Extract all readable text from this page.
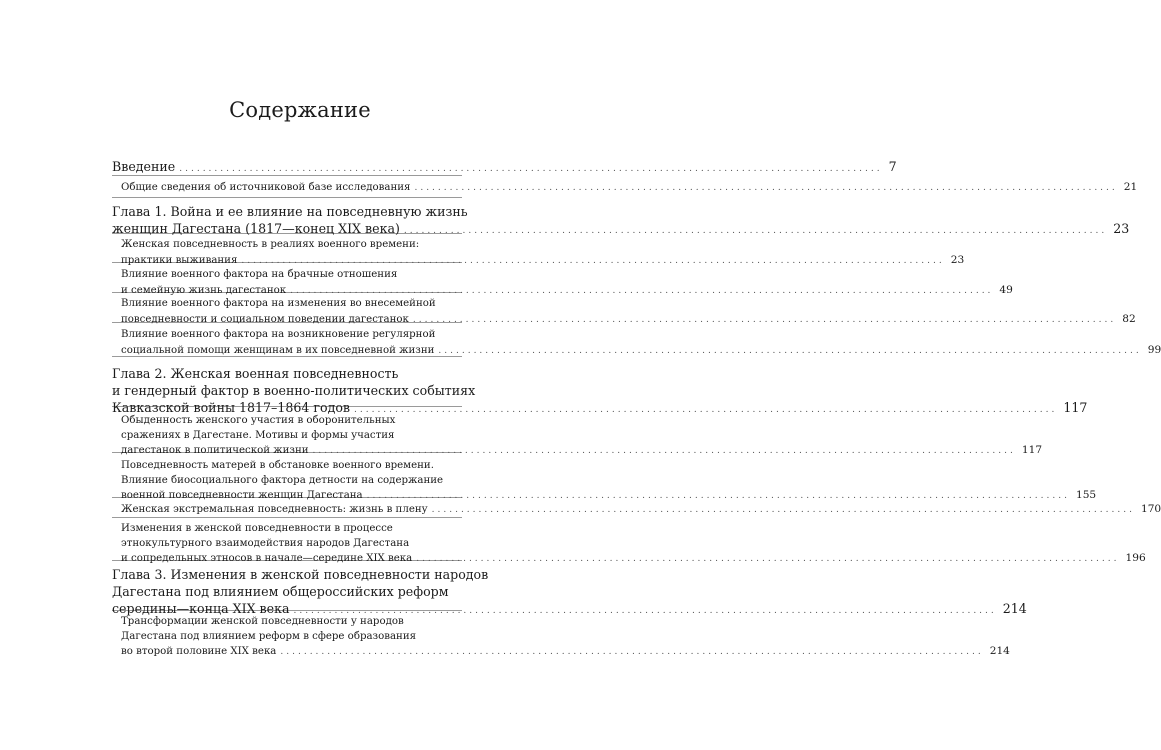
Содержание
Введение ........................................................................................................................ 7
Общие сведения об источниковой базе исследования ........................................................................................................................ 21
Глава 1. Война и ее влияние на повседневную жизнь
женщин Дагестана (1817—конец XIX века) ........................................................................................................................ 23
Женская повседневность в реалиях военного времени:
практики выживания ........................................................................................................................ 23
Влияние военного фактора на брачные отношения
и семейную жизнь дагестанок ........................................................................................................................ 49
Влияние военного фактора на изменения во внесемейной
повседневности и социальном поведении дагестанок ........................................................................................................................ 82
Влияние военного фактора на возникновение регулярной
социальной помощи женщинам в их повседневной жизни ........................................................................................................................ 99
Глава 2. Женская военная повседневность
и гендерный фактор в военно-политических событиях
Кавказской войны 1817–1864 годов ........................................................................................................................ 117
Обыденность женского участия в оборонительных
сражениях в Дагестане. Мотивы и формы участия
дагестанок в политической жизни ........................................................................................................................ 117
Повседневность матерей в обстановке военного времени.
Влияние биосоциального фактора детности на содержание
военной повседневности женщин Дагестана ........................................................................................................................ 155
Женская экстремальная повседневность: жизнь в плену ........................................................................................................................ 170
Изменения в женской повседневности в процессе
этнокультурного взаимодействия народов Дагестана
и сопредельных этносов в начале—середине XIX века ........................................................................................................................ 196
Глава 3. Изменения в женской повседневности народов
Дагестана под влиянием общероссийских реформ
середины—конца XIX века ........................................................................................................................ 214
Трансформации женской повседневности у народов
Дагестана под влиянием реформ в сфере образования
во второй половине XIX века ........................................................................................................................ 214
